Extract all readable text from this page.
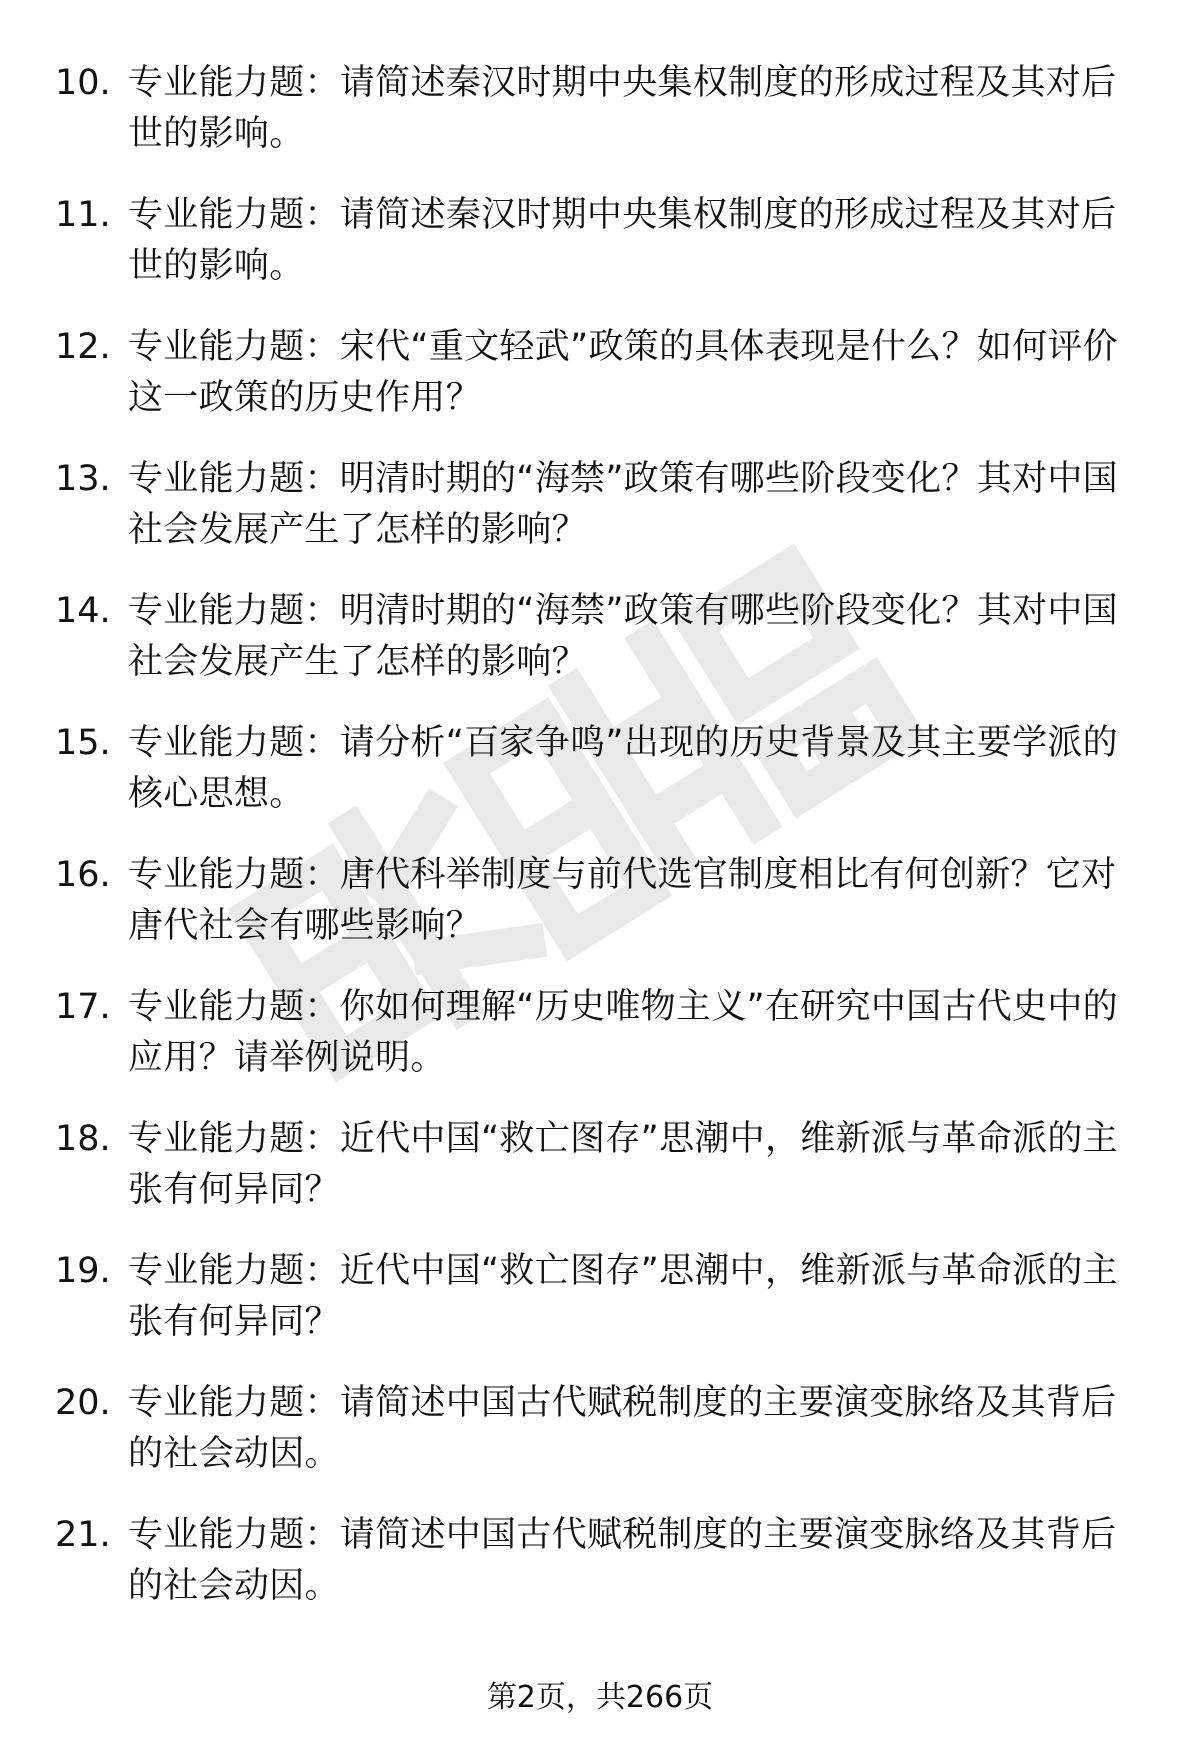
10. 专业能力题：请简述秦汉时期中央集权制度的形成过程及其对后世的影响。
11. 专业能力题：请简述秦汉时期中央集权制度的形成过程及其对后世的影响。
12. 专业能力题：宋代“重文轻武”政策的具体表现是什么？如何评价这一政策的历史作用？
13. 专业能力题：明清时期的“海禁”政策有哪些阶段变化？其对中国社会发展产生了怎样的影响？
14. 专业能力题：明清时期的“海禁”政策有哪些阶段变化？其对中国社会发展产生了怎样的影响？
15. 专业能力题：请分析“百家争鸣”出现的历史背景及其主要学派的核心思想。
16. 专业能力题：唐代科举制度与前代选官制度相比有何创新？它对唐代社会有哪些影响？
17. 专业能力题：你如何理解“历史唯物主义”在研究中国古代史中的应用？请举例说明。
18. 专业能力题：近代中国“救亡图存”思潮中，维新派与革命派的主张有何异同？
19. 专业能力题：近代中国“救亡图存”思潮中，维新派与革命派的主张有何异同？
20. 专业能力题：请简述中国古代赋税制度的主要演变脉络及其背后的社会动因。
21. 专业能力题：请简述中国古代赋税制度的主要演变脉络及其背后的社会动因。
第2页，共266页
